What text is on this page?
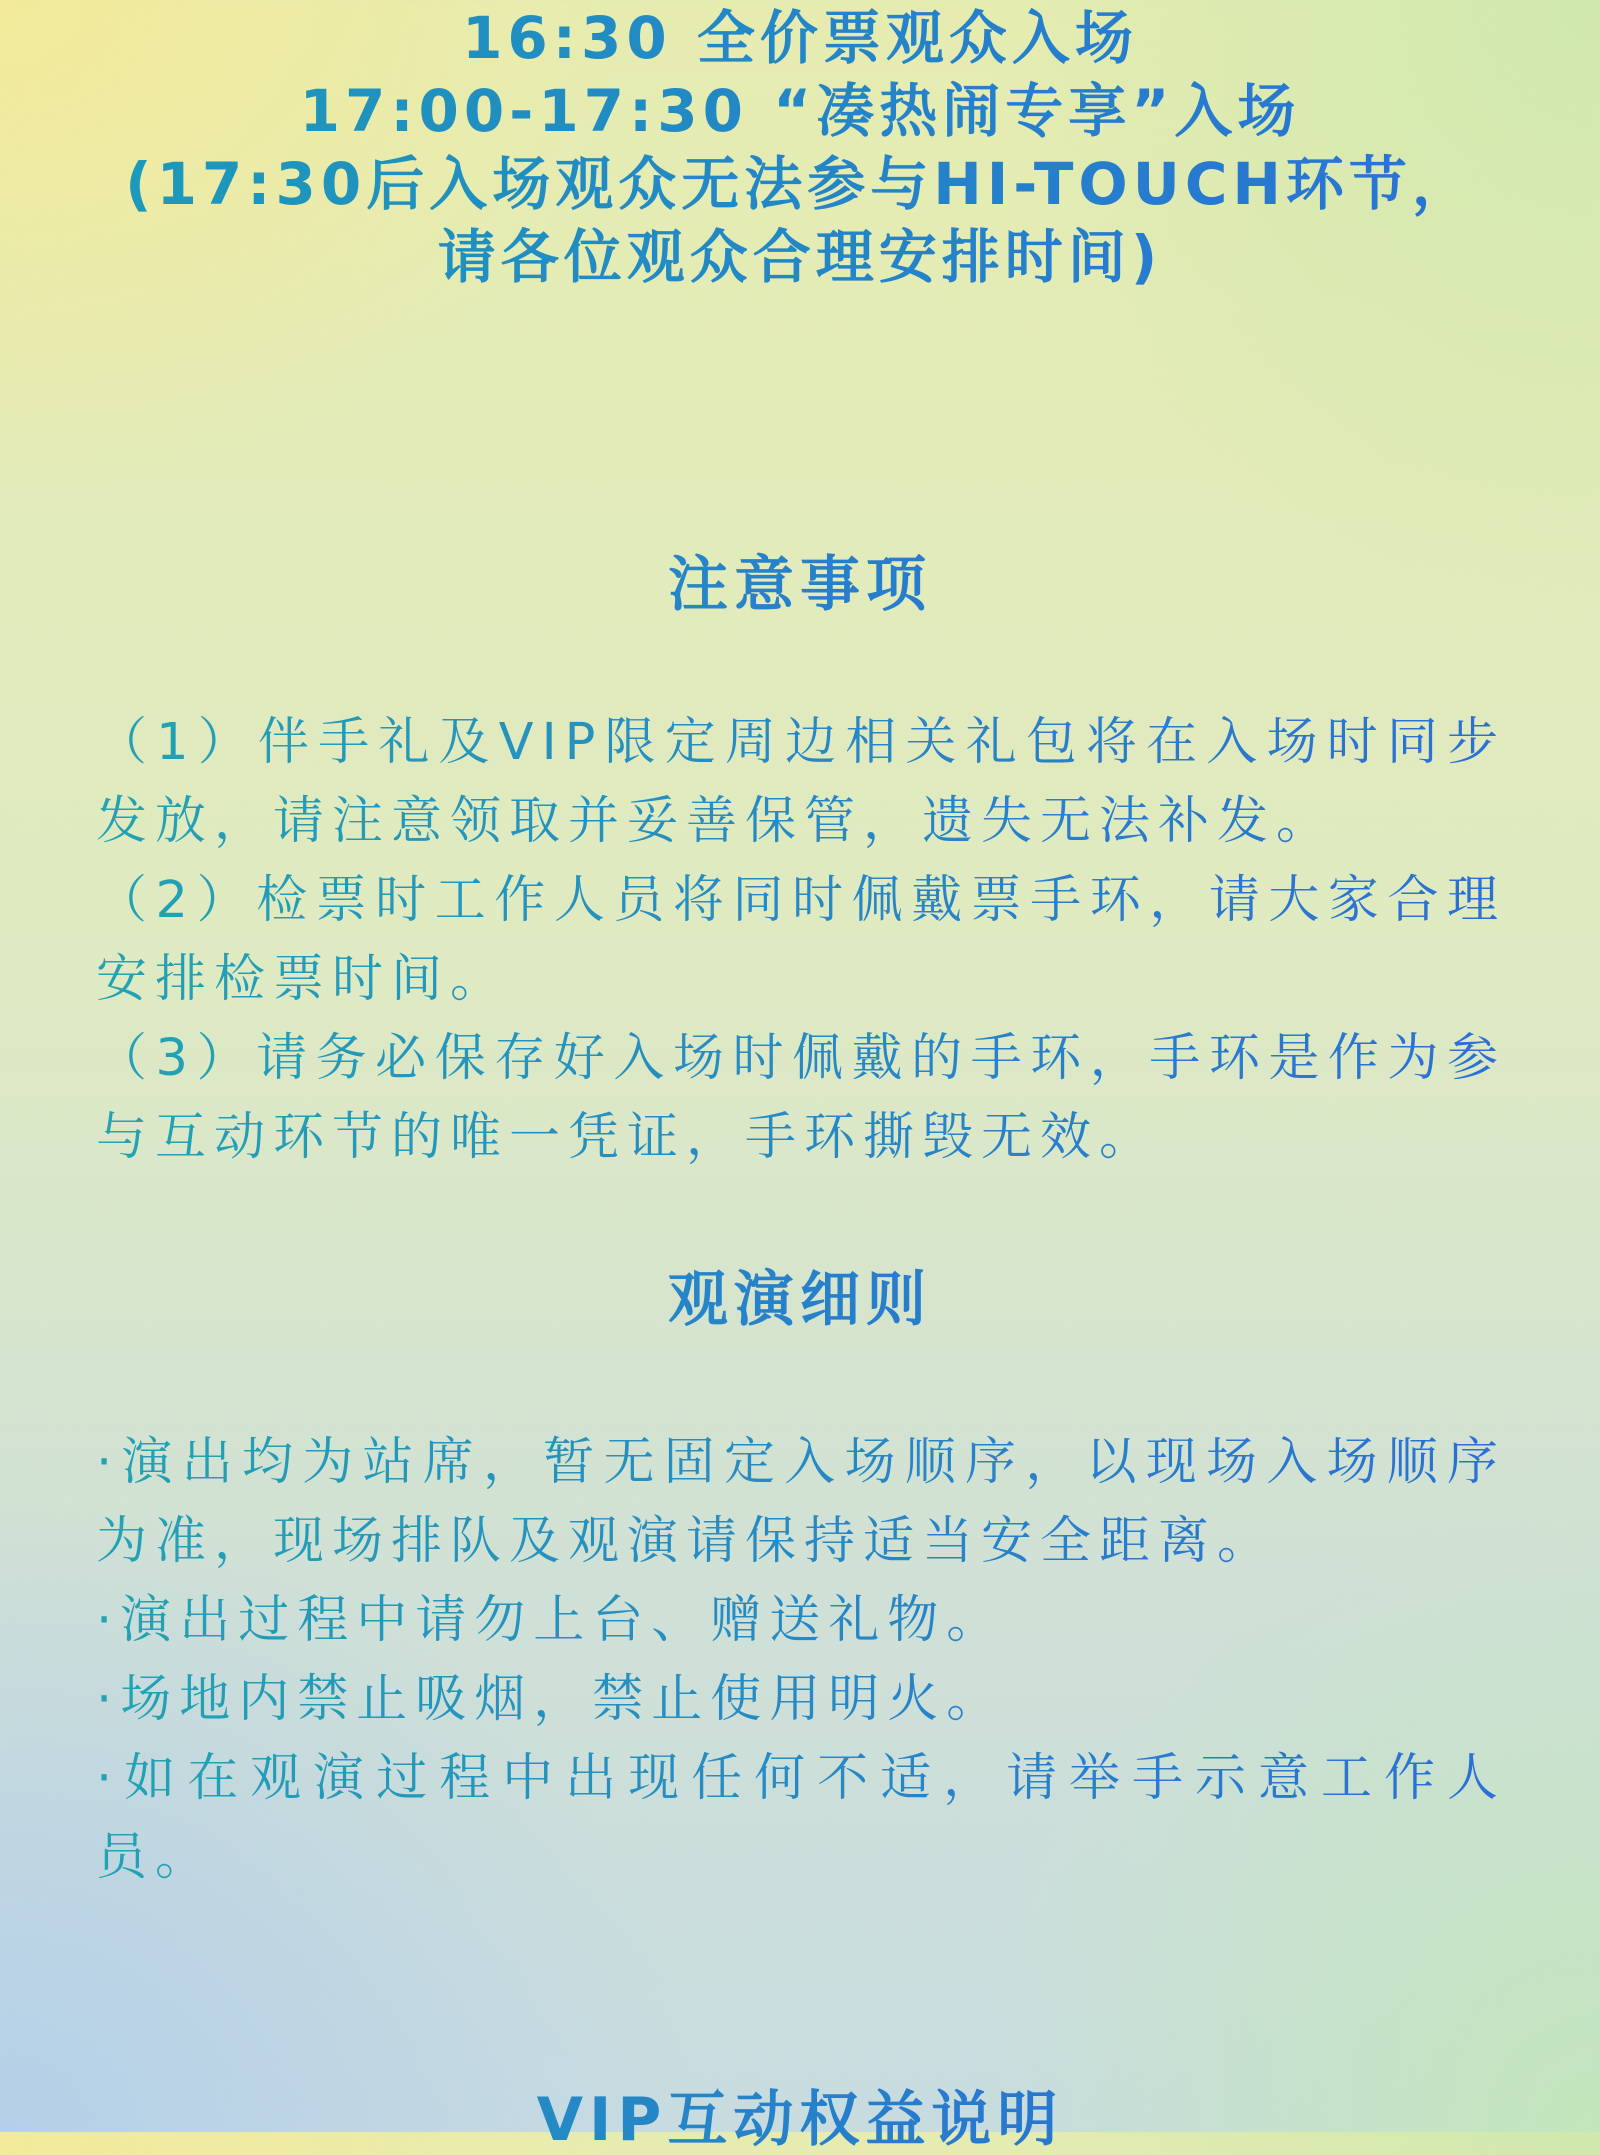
16:30 全价票观众入场
17:00-17:30 “凑热闹专享”入场
(17:30后入场观众无法参与HI-TOUCH环节，
请各位观众合理安排时间)
注意事项

（1）伴手礼及VIP限定周边相关礼包将在入场时同步发放，请注意领取并妥善保管，遗失无法补发。

（2）检票时工作人员将同时佩戴票手环，请大家合理安排检票时间。

（3）请务必保存好入场时佩戴的手环，手环是作为参与互动环节的唯一凭证，手环撕毁无效。

观演细则

·演出均为站席，暂无固定入场顺序，以现场入场顺序为准，现场排队及观演请保持适当安全距离。

·演出过程中请勿上台、赠送礼物。

·场地内禁止吸烟，禁止使用明火。

·如在观演过程中出现任何不适，请举手示意工作人员。

VIP互动权益说明
